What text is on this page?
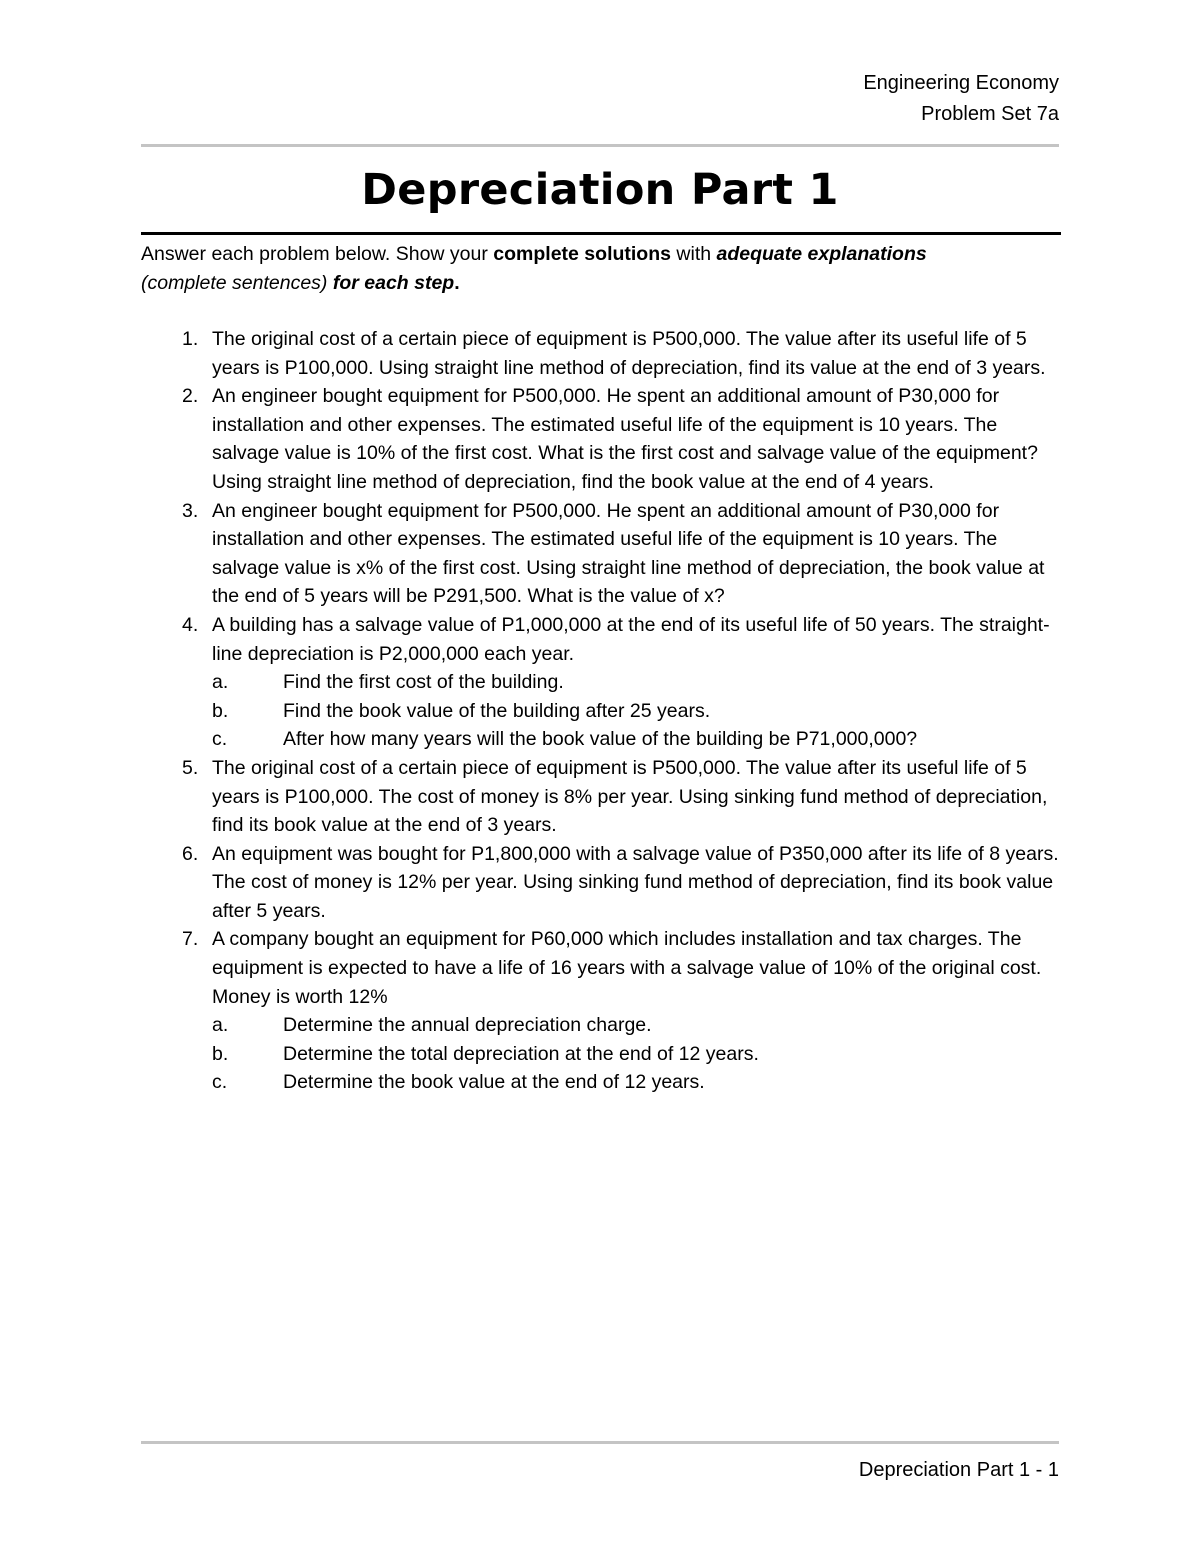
Engineering Economy
Problem Set 7a
Depreciation Part 1
Answer each problem below. Show your complete solutions with adequate explanations
(complete sentences) for each step.
1. The original cost of a certain piece of equipment is P500,000. The value after its useful life of 5 years is P100,000. Using straight line method of depreciation, find its value at the end of 3 years.
2. An engineer bought equipment for P500,000. He spent an additional amount of P30,000 for installation and other expenses. The estimated useful life of the equipment is 10 years. The salvage value is 10% of the first cost. What is the first cost and salvage value of the equipment? Using straight line method of depreciation, find the book value at the end of 4 years.
3. An engineer bought equipment for P500,000. He spent an additional amount of P30,000 for installation and other expenses. The estimated useful life of the equipment is 10 years. The salvage value is x% of the first cost. Using straight line method of depreciation, the book value at the end of 5 years will be P291,500. What is the value of x?
4. A building has a salvage value of P1,000,000 at the end of its useful life of 50 years. The straight-line depreciation is P2,000,000 each year.
a.	Find the first cost of the building.
b.	Find the book value of the building after 25 years.
c.	After how many years will the book value of the building be P71,000,000?
5. The original cost of a certain piece of equipment is P500,000. The value after its useful life of 5 years is P100,000. The cost of money is 8% per year. Using sinking fund method of depreciation, find its book value at the end of 3 years.
6. An equipment was bought for P1,800,000 with a salvage value of P350,000 after its life of 8 years. The cost of money is 12% per year. Using sinking fund method of depreciation, find its book value after 5 years.
7. A company bought an equipment for P60,000 which includes installation and tax charges. The equipment is expected to have a life of 16 years with a salvage value of 10% of the original cost. Money is worth 12%
a.	Determine the annual depreciation charge.
b.	Determine the total depreciation at the end of 12 years.
c.	Determine the book value at the end of 12 years.
Depreciation Part 1 - 1
